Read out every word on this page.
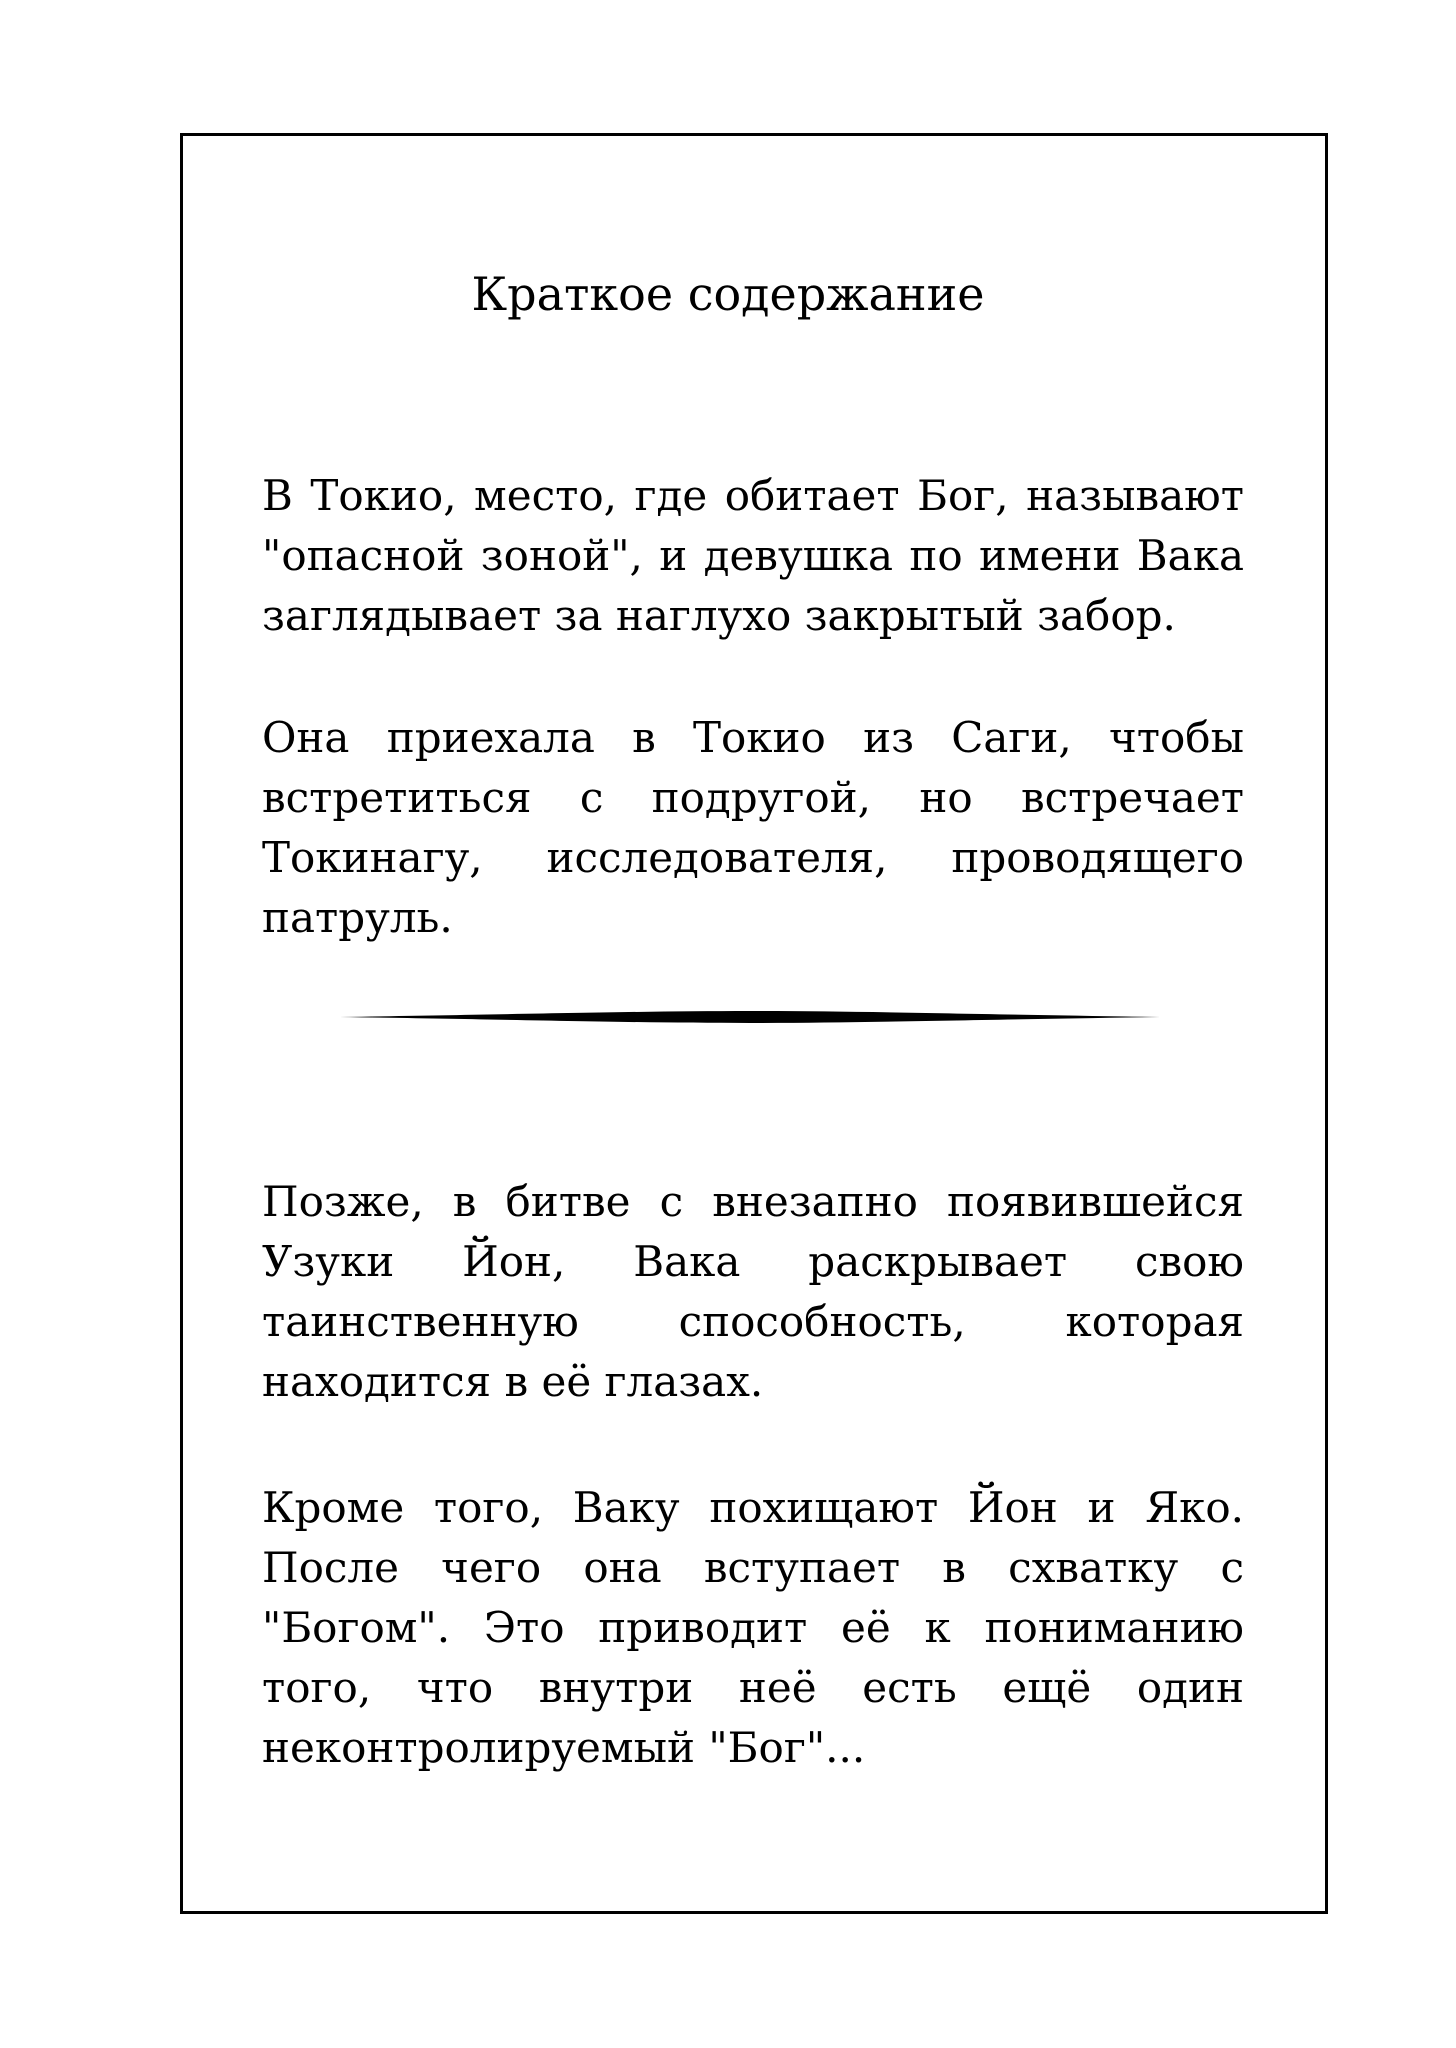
Краткое содержание

В Токио, место, где обитает Бог, называют "опасной зоной", и девушка по имени Вака заглядывает за наглухо закрытый забор.

Она приехала в Токио из Саги, чтобы встретиться с подругой, но встречает Токинагу, исследователя, проводящего патруль.

Позже, в битве с внезапно появившейся Узуки Йон, Вака раскрывает свою таинственную способность, которая находится в её глазах.

Кроме того, Ваку похищают Йон и Яко. После чего она вступает в схватку с "Богом". Это приводит её к пониманию того, что внутри неё есть ещё один неконтролируемый "Бог"...
